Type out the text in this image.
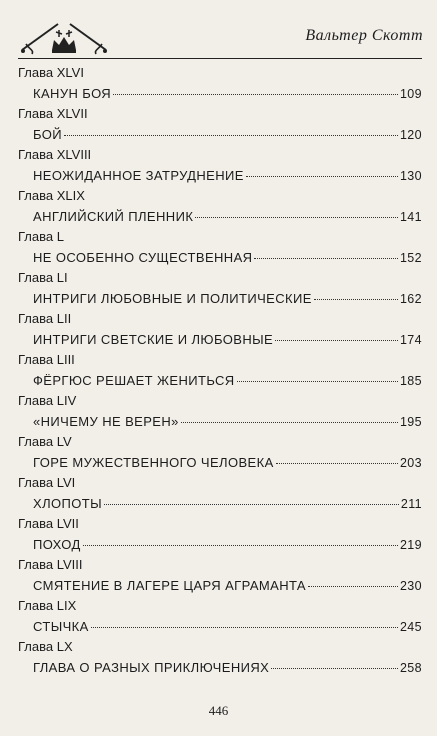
Вальтер Скотт
Глава XLVI
КАНУН БОЯ	109
Глава XLVII
БОЙ	120
Глава XLVIII
НЕОЖИДАННОЕ ЗАТРУДНЕНИЕ	130
Глава XLIX
АНГЛИЙСКИЙ ПЛЕННИК	141
Глава L
НЕ ОСОБЕННО СУЩЕСТВЕННАЯ	152
Глава LI
ИНТРИГИ ЛЮБОВНЫЕ И ПОЛИТИЧЕСКИЕ	162
Глава LII
ИНТРИГИ СВЕТСКИЕ И ЛЮБОВНЫЕ	174
Глава LIII
ФЁРГЮС РЕШАЕТ ЖЕНИТЬСЯ	185
Глава LIV
«НИЧЕМУ НЕ ВЕРЕН»	195
Глава LV
ГОРЕ МУЖЕСТВЕННОГО ЧЕЛОВЕКА	203
Глава LVI
ХЛОПОТЫ	211
Глава LVII
ПОХОД	219
Глава LVIII
СМЯТЕНИЕ В ЛАГЕРЕ ЦАРЯ АГРАМАНТА	230
Глава LIX
СТЫЧКА	245
Глава LX
ГЛАВА О РАЗНЫХ ПРИКЛЮЧЕНИЯХ	258
446
